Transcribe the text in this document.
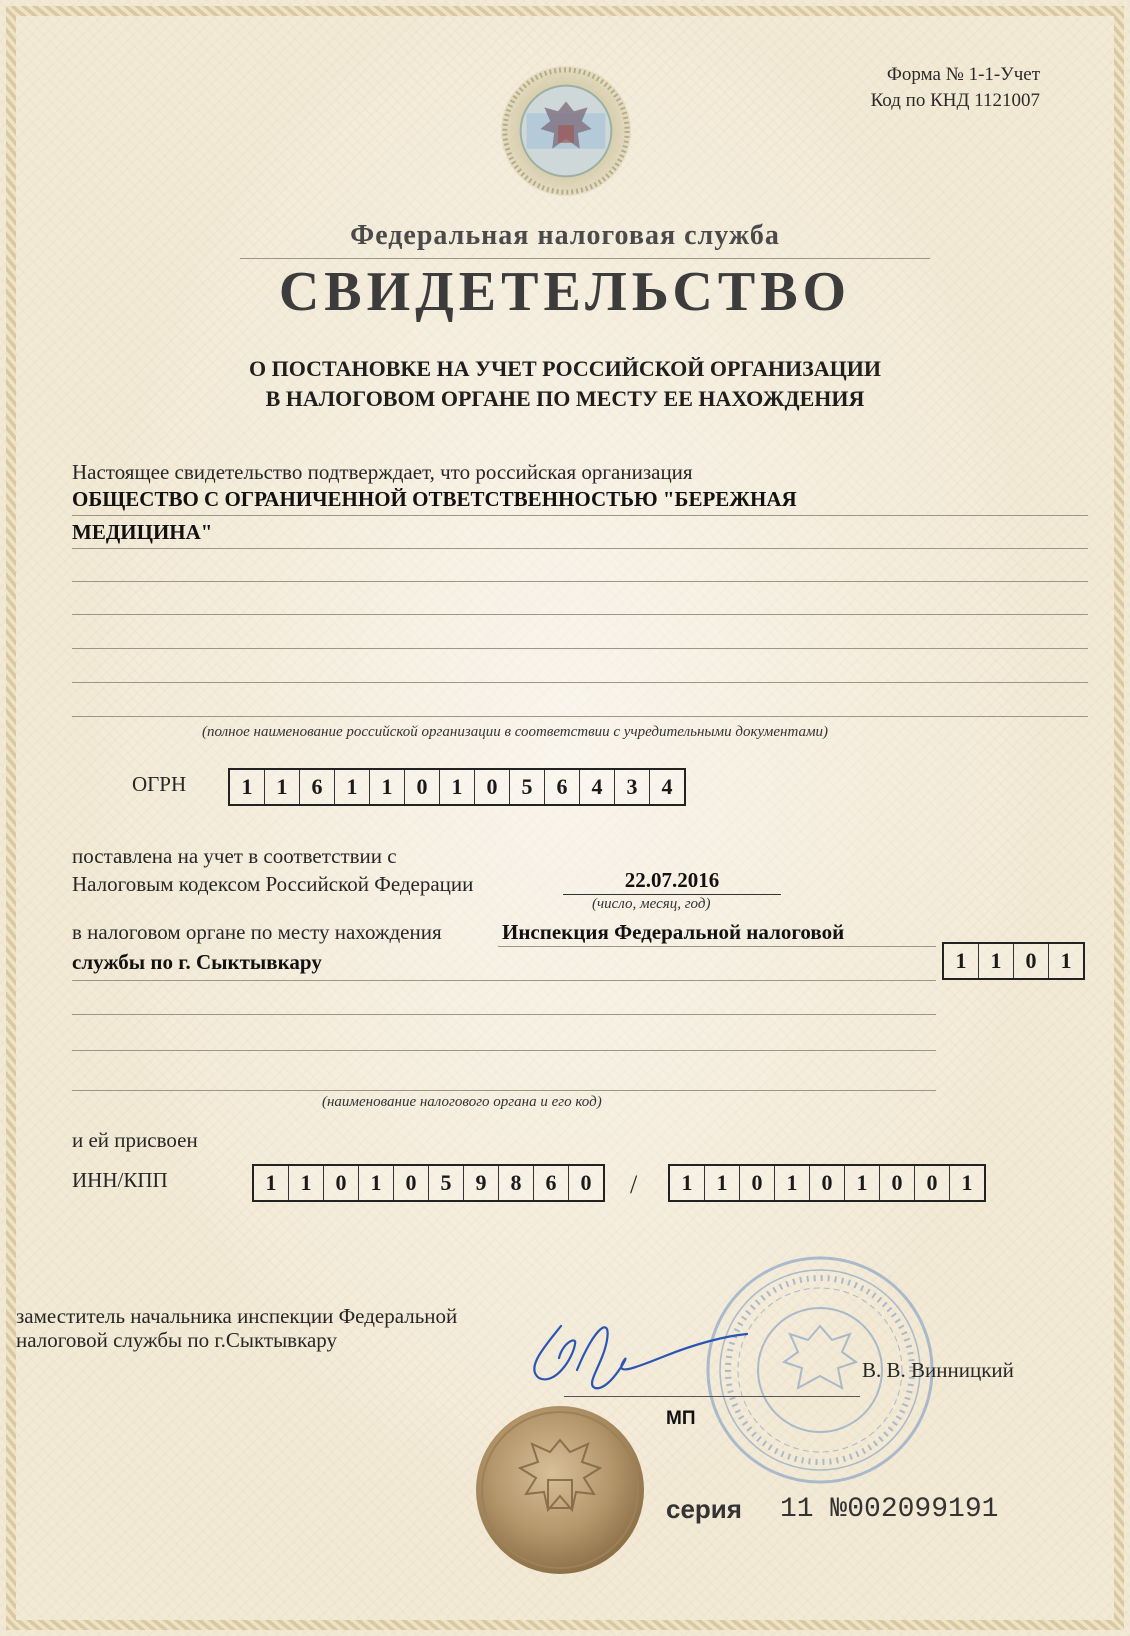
Форма № 1-1-Учет
Код по КНД 1121007
Федеральная налоговая служба
СВИДЕТЕЛЬСТВО
О ПОСТАНОВКЕ НА УЧЕТ РОССИЙСКОЙ ОРГАНИЗАЦИИ
В НАЛОГОВОМ ОРГАНЕ ПО МЕСТУ ЕЕ НАХОЖДЕНИЯ
Настоящее свидетельство подтверждает, что российская организация
ОБЩЕСТВО С ОГРАНИЧЕННОЙ ОТВЕТСТВЕННОСТЬЮ "БЕРЕЖНАЯ
МЕДИЦИНА"
(полное наименование российской организации в соответствии с учредительными документами)
ОГРН	1	1	6	1	1	0	1	0	5	6	4	3	4
поставлена на учет в соответствии с
Налоговым кодексом Российской Федерации	22.07.2016
(число, месяц, год)
в налоговом органе по месту нахождения	Инспекция Федеральной налоговой
службы по г. Сыктывкару	1	1	0	1
(наименование налогового органа и его код)
и ей присвоен
ИНН/КПП	1	1	0	1	0	5	9	8	6	0	/	1	1	0	1	0	1	0	0	1
заместитель начальника инспекции Федеральной
налоговой службы по г.Сыктывкару
В. В. Винницкий
МП
серия 11 №002099191
